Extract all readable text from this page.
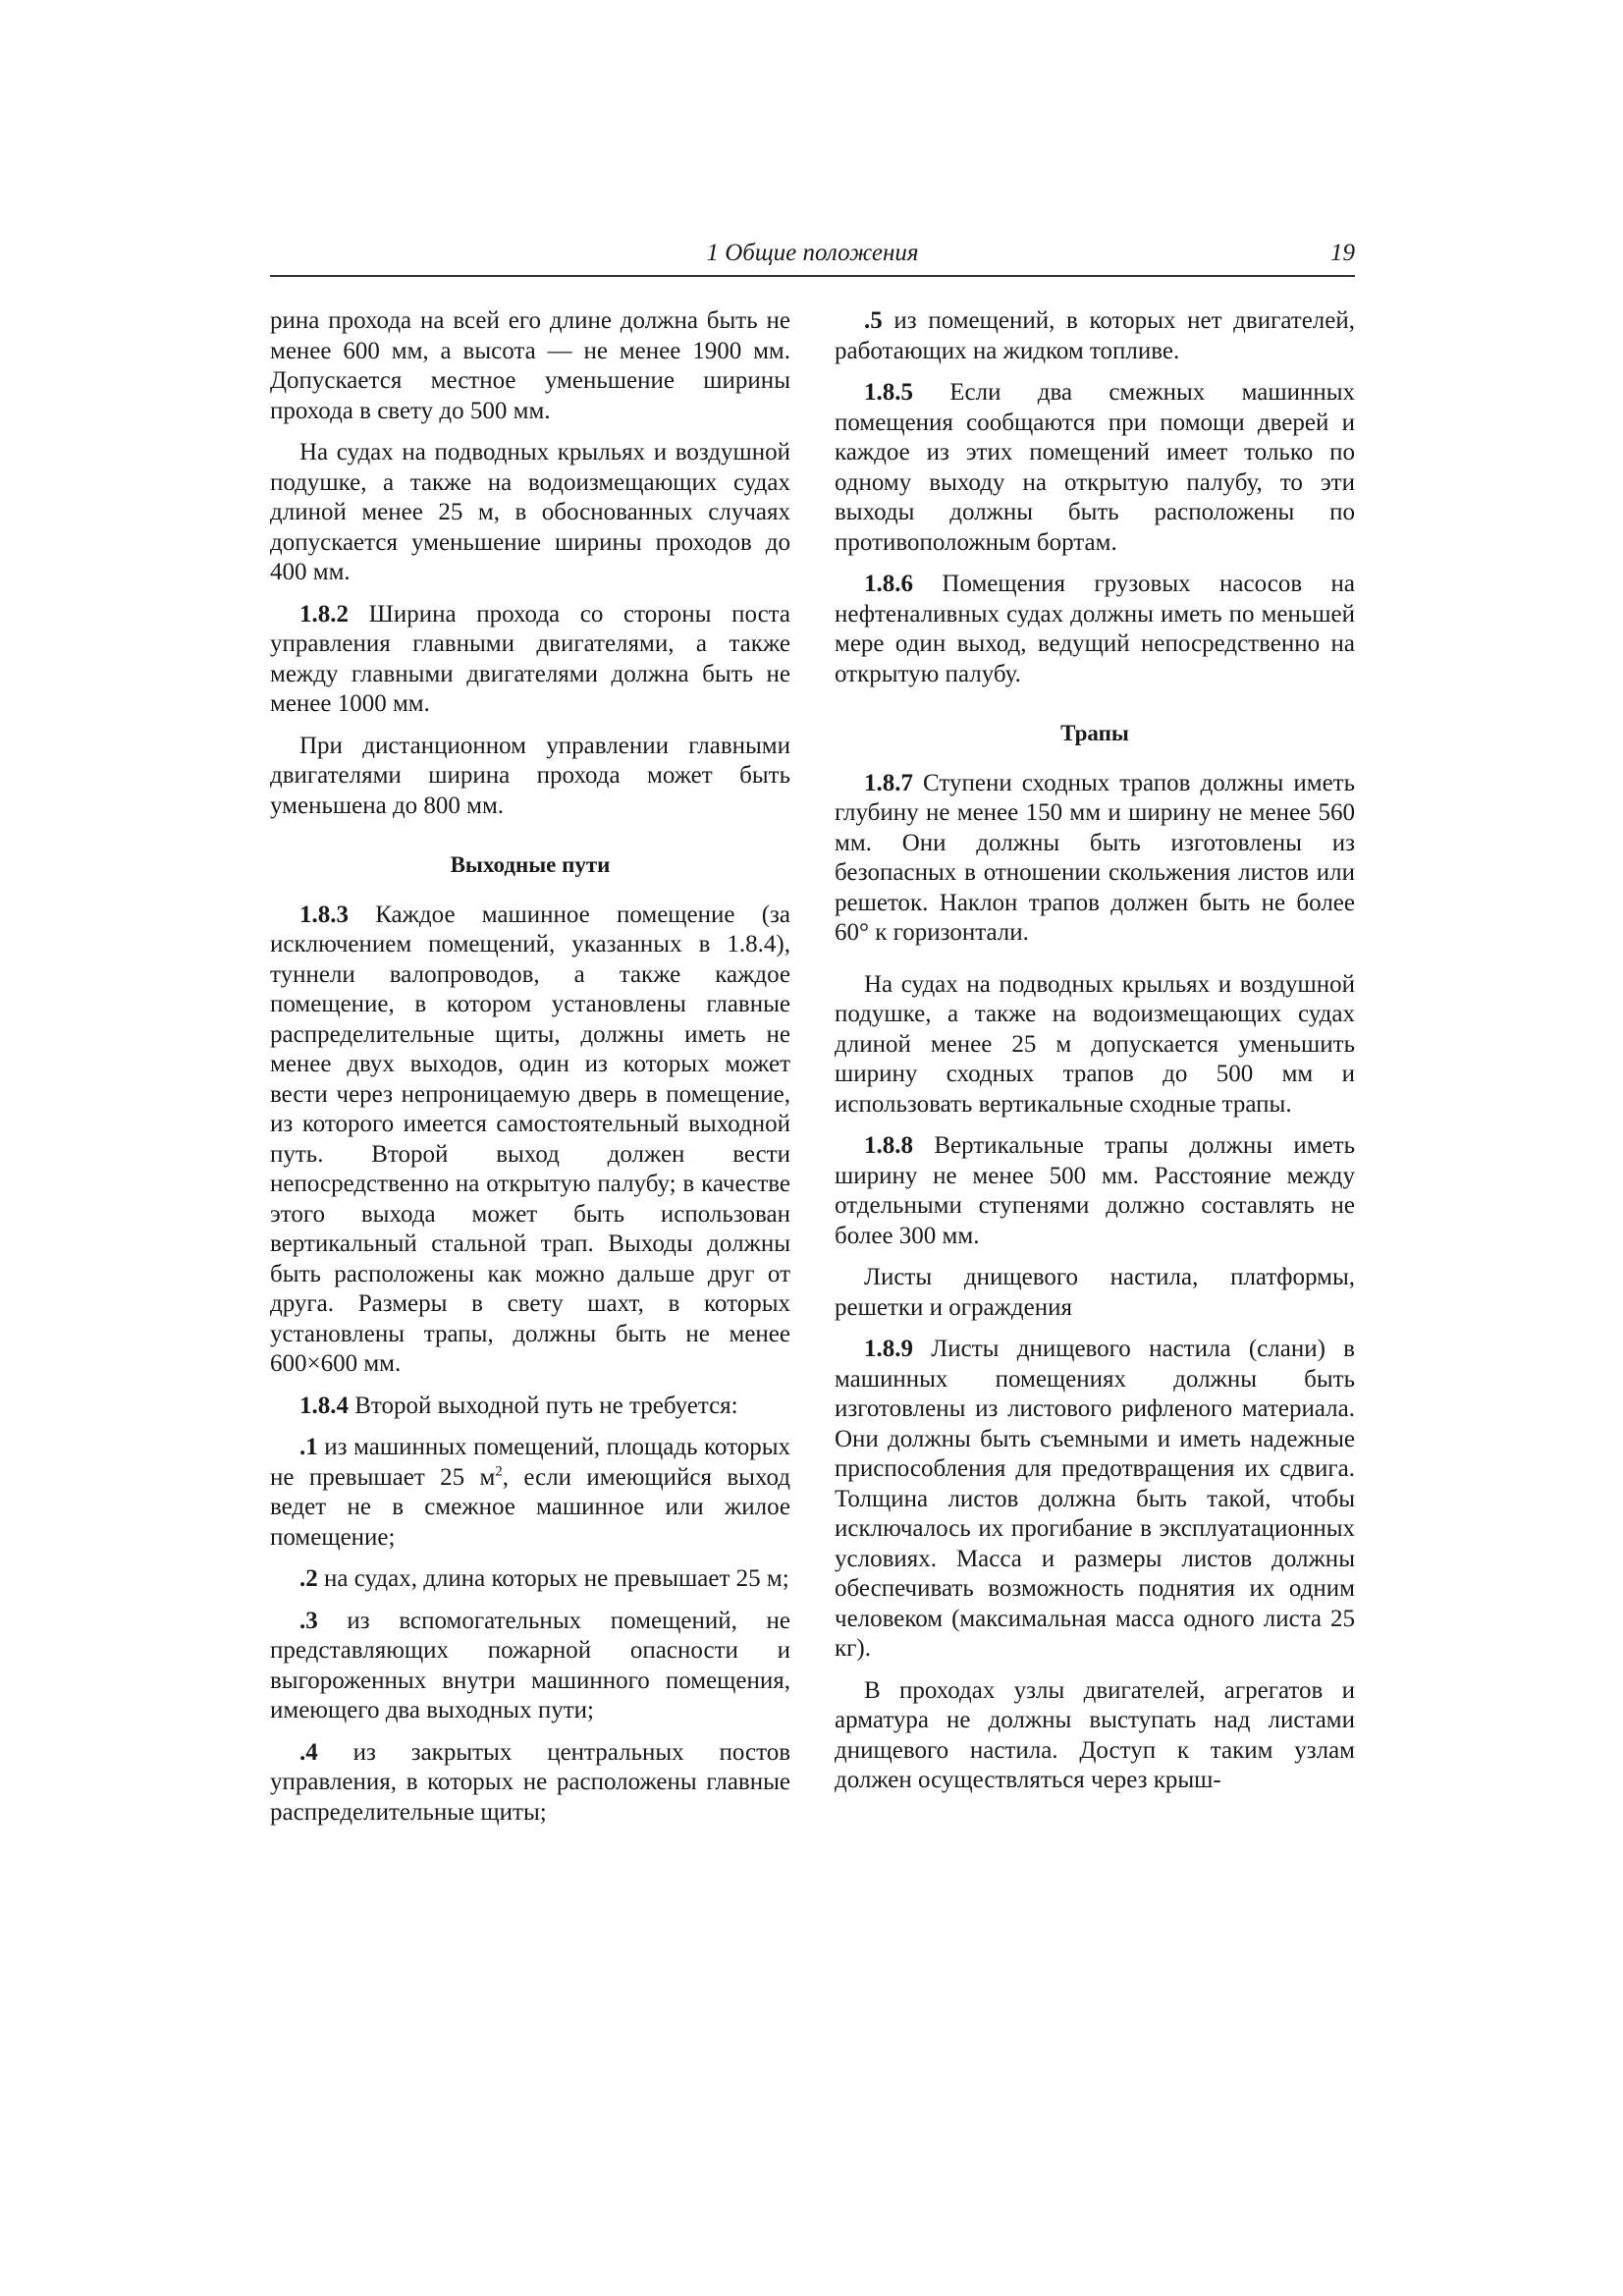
1 Общие положения	19

рина прохода на всей его длине должна быть не менее 600 мм, а высота — не менее 1900 мм. Допускается местное уменьшение ширины прохода в свету до 500 мм.

На судах на подводных крыльях и воздушной подушке, а также на водоизмещающих судах длиной менее 25 м, в обоснованных случаях допускается уменьшение ширины проходов до 400 мм.

1.8.2 Ширина прохода со стороны поста управления главными двигателями, а также между главными двигателями должна быть не менее 1000 мм.

При дистанционном управлении главными двигателями ширина прохода может быть уменьшена до 800 мм.

Выходные пути

1.8.3 Каждое машинное помещение (за исключением помещений, указанных в 1.8.4), туннели валопроводов, а также каждое помещение, в котором установлены главные распределительные щиты, должны иметь не менее двух выходов, один из которых может вести через непроницаемую дверь в помещение, из которого имеется самостоятельный выходной путь. Второй выход должен вести непосредственно на открытую палубу; в качестве этого выхода может быть использован вертикальный стальной трап. Выходы должны быть расположены как можно дальше друг от друга. Размеры в свету шахт, в которых установлены трапы, должны быть не менее 600×600 мм.

1.8.4 Второй выходной путь не требуется:

.1 из машинных помещений, площадь которых не превышает 25 $м^2$, если имеющийся выход ведет не в смежное машинное или жилое помещение;

.2 на судах, длина которых не превышает 25 м;

.3 из вспомогательных помещений, не представляющих пожарной опасности и выгороженных внутри машинного помещения, имеющего два выходных пути;

.4 из закрытых центральных постов управления, в которых не расположены главные распределительные щиты;

.5 из помещений, в которых нет двигателей, работающих на жидком топливе.

1.8.5 Если два смежных машинных помещения сообщаются при помощи дверей и каждое из этих помещений имеет только по одному выходу на открытую палубу, то эти выходы должны быть расположены по противоположным бортам.

1.8.6 Помещения грузовых насосов на нефтеналивных судах должны иметь по меньшей мере один выход, ведущий непосредственно на открытую палубу.

Трапы

1.8.7 Ступени сходных трапов должны иметь глубину не менее 150 мм и ширину не менее 560 мм. Они должны быть изготовлены из безопасных в отношении скольжения листов или решеток. Наклон трапов должен быть не более 60° к горизонтали.

На судах на подводных крыльях и воздушной подушке, а также на водоизмещающих судах длиной менее 25 м допускается уменьшить ширину сходных трапов до 500 мм и использовать вертикальные сходные трапы.

1.8.8 Вертикальные трапы должны иметь ширину не менее 500 мм. Расстояние между отдельными ступенями должно составлять не более 300 мм.

Листы днищевого настила, платформы, решетки и ограждения

1.8.9 Листы днищевого настила (слани) в машинных помещениях должны быть изготовлены из листового рифленого материала. Они должны быть съемными и иметь надежные приспособления для предотвращения их сдвига. Толщина листов должна быть такой, чтобы исключалось их прогибание в эксплуатационных условиях. Масса и размеры листов должны обеспечивать возможность поднятия их одним человеком (максимальная масса одного листа 25 кг).

В проходах узлы двигателей, агрегатов и арматура не должны выступать над листами днищевого настила. Доступ к таким узлам должен осуществляться через крыш-
